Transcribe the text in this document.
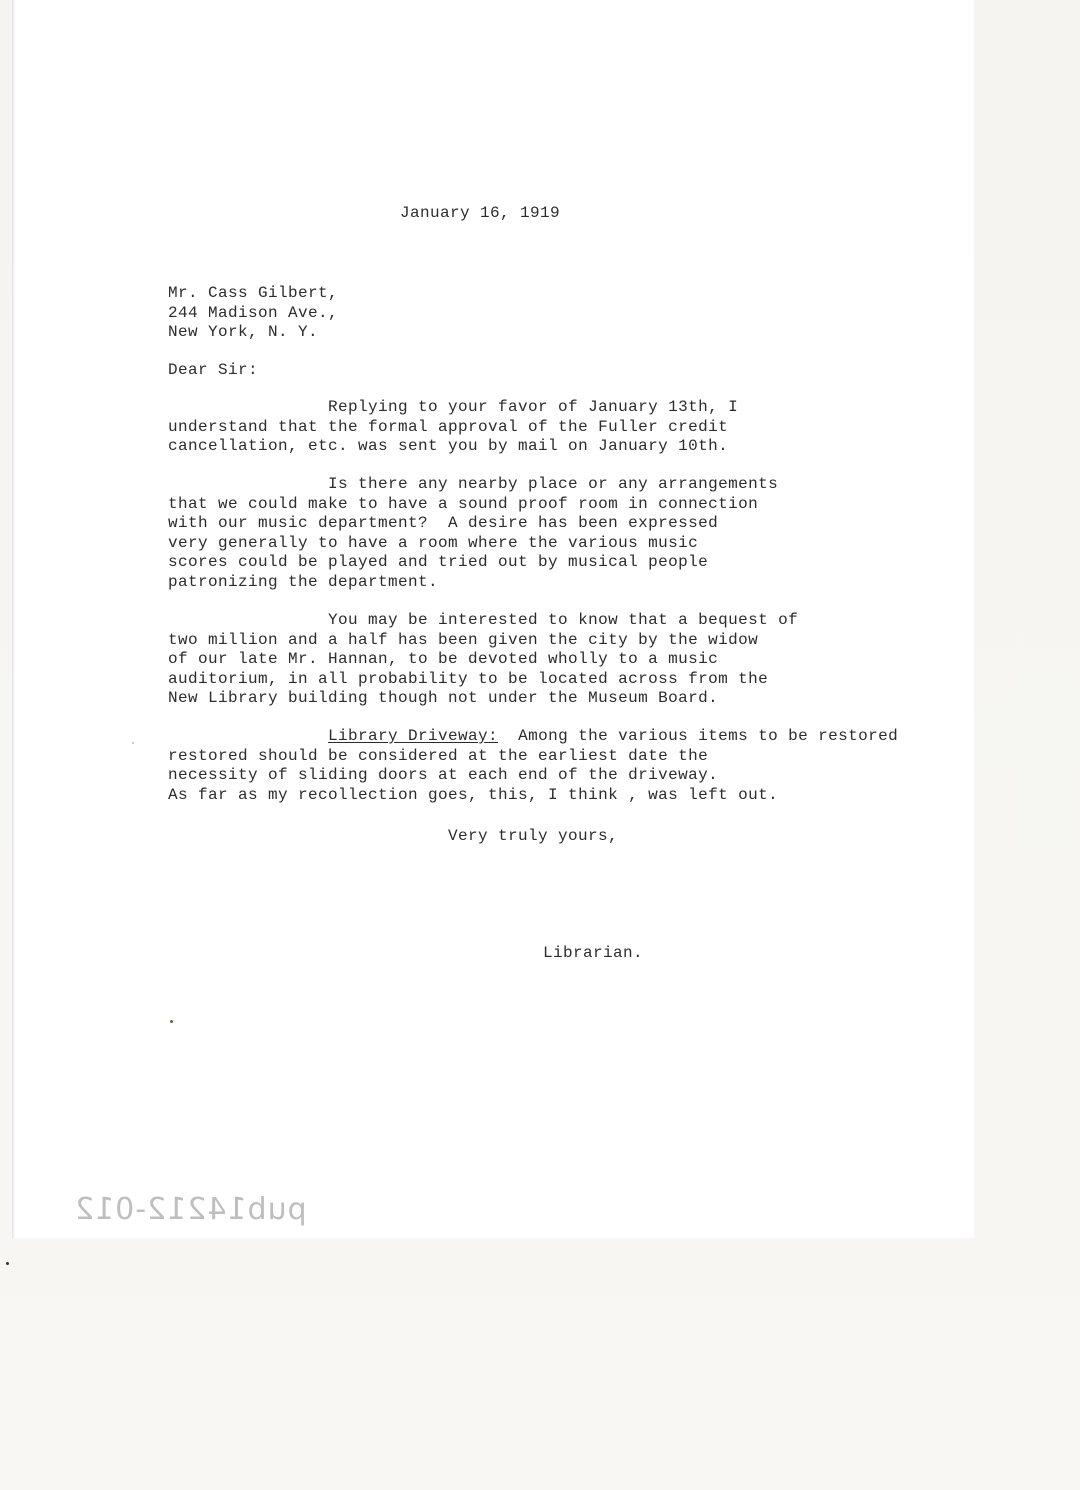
January 16, 1919
Mr. Cass Gilbert,
244 Madison Ave.,
New York, N. Y.
Dear Sir:
Replying to your favor of January 13th, I
understand that the formal approval of the Fuller credit
cancellation, etc. was sent you by mail on January 10th.
Is there any nearby place or any arrangements
that we could make to have a sound proof room in connection
with our music department?  A desire has been expressed
very generally to have a room where the various music
scores could be played and tried out by musical people
patronizing the department.
You may be interested to know that a bequest of
two million and a half has been given the city by the widow
of our late Mr. Hannan, to be devoted wholly to a music
auditorium, in all probability to be located across from the
New Library building though not under the Museum Board.
Library Driveway:  Among the various items to be restored
restored should be considered at the earliest date the
necessity of sliding doors at each end of the driveway.
As far as my recollection goes, this, I think , was left out.
Very truly yours,
Librarian.
pub14212-012
